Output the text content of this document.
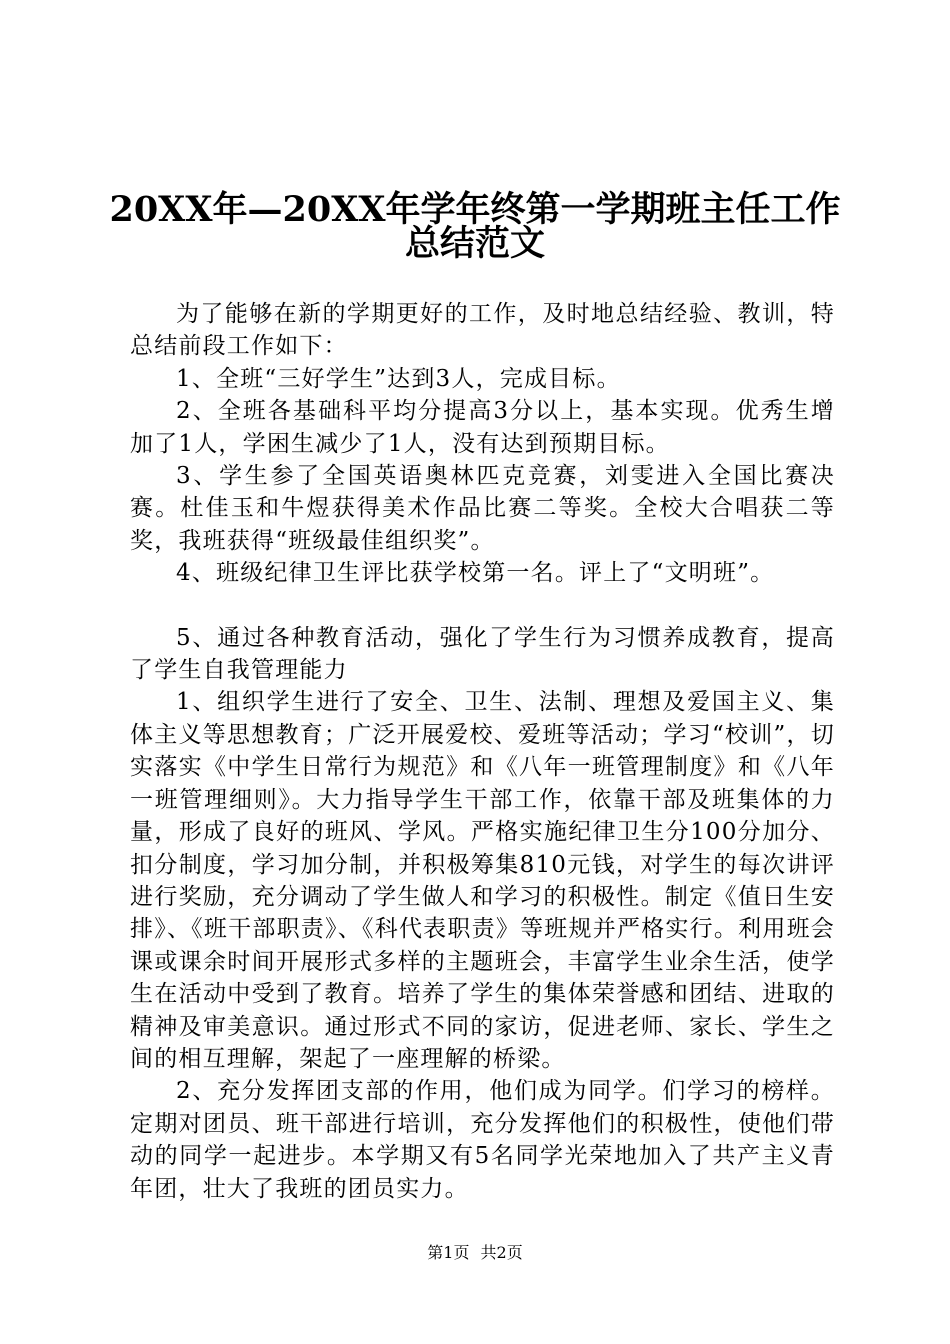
20XX年—20XX年学年终第一学期班主任工作
总结范文

为了能够在新的学期更好的工作，及时地总结经验、教训，特总结前段工作如下：

1、全班“三好学生”达到3人，完成目标。

2、全班各基础科平均分提高3分以上，基本实现。优秀生增加了1人，学困生减少了1人，没有达到预期目标。

3、学生参了全国英语奥林匹克竞赛，刘雯进入全国比赛决赛。杜佳玉和牛煜获得美术作品比赛二等奖。全校大合唱获二等奖，我班获得“班级最佳组织奖”。

4、班级纪律卫生评比获学校第一名。评上了“文明班”。

5、通过各种教育活动，强化了学生行为习惯养成教育，提高了学生自我管理能力

1、组织学生进行了安全、卫生、法制、理想及爱国主义、集体主义等思想教育；广泛开展爱校、爱班等活动；学习“校训”，切实落实《中学生日常行为规范》和《八年一班管理制度》和《八年一班管理细则》。大力指导学生干部工作，依靠干部及班集体的力量，形成了良好的班风、学风。严格实施纪律卫生分100分加分、扣分制度，学习加分制，并积极筹集810元钱，对学生的每次讲评进行奖励，充分调动了学生做人和学习的积极性。制定《值日生安排》、《班干部职责》、《科代表职责》等班规并严格实行。利用班会课或课余时间开展形式多样的主题班会，丰富学生业余生活，使学生在活动中受到了教育。培养了学生的集体荣誉感和团结、进取的精神及审美意识。通过形式不同的家访，促进老师、家长、学生之间的相互理解，架起了一座理解的桥梁。

2、充分发挥团支部的作用，他们成为同学。们学习的榜样。定期对团员、班干部进行培训，充分发挥他们的积极性，使他们带动的同学一起进步。本学期又有5名同学光荣地加入了共产主义青年团，壮大了我班的团员实力。

第1页 共2页
